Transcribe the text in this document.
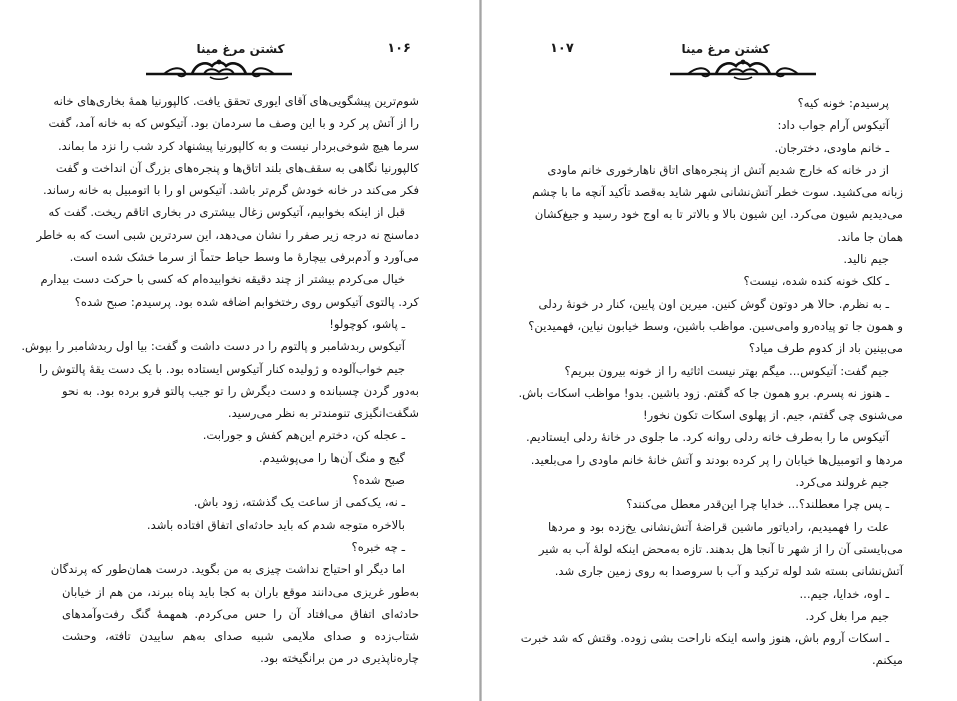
کشتن مرغ مینا	۱۰۶
شوم‌ترین پیشگویی‌های آقای ایوری تحقق یافت. کالپورنیا همهٔ بخاری‌های خانه
را از آتش پر کرد و با این وصف ما سردمان بود. آتیکوس که به خانه آمد، گفت
سرما هیچ شوخی‌بردار نیست و به کالپورنیا پیشنهاد کرد شب را نزد ما بماند.
کالپورنیا نگاهی به سقف‌های بلند اتاق‌ها و پنجره‌های بزرگ آن انداخت و گفت
فکر می‌کند در خانه خودش گرم‌تر باشد. آتیکوس او را با اتومبیل به خانه رساند.
قبل از اینکه بخوابیم، آتیکوس زغال بیشتری در بخاری اتاقم ریخت. گفت که
دماسنج نه درجه زیر صفر را نشان می‌دهد، این سردترین شبی است که به خاطر
می‌آورد و آدم‌برفی بیچارهٔ ما وسط حیاط حتماً از سرما خشک شده است.
خیال می‌کردم بیشتر از چند دقیقه نخوابیده‌ام که کسی با حرکت دست بیدارم
کرد. پالتوی آتیکوس روی رختخوابم اضافه شده بود. پرسیدم: صبح شده؟
ـ پاشو، کوچولو!
آتیکوس ربدشامبر و پالتوم را در دست داشت و گفت: بیا اول ربدشامبر را بپوش.
جیم خواب‌آلوده و ژولیده کنار آتیکوس ایستاده بود. با یک دست یقهٔ پالتوش را
به‌دور گردن چسبانده و دست دیگرش را تو جیب پالتو فرو برده بود. به نحو
شگفت‌انگیزی تنومندتر به نظر می‌رسید.
ـ عجله کن، دخترم این‌هم کفش و جورابت.
گیج و منگ آن‌ها را می‌پوشیدم.
صبح شده؟
ـ نه، یک‌کمی از ساعت یک گذشته، زود باش.
بالاخره متوجه شدم که باید حادثه‌ای اتفاق افتاده باشد.
ـ چه خبره؟
اما دیگر او احتیاج نداشت چیزی به من بگوید. درست همان‌طور که پرندگان
به‌طور غریزی می‌دانند موقع باران به کجا باید پناه ببرند، من هم از خیابان
حادثه‌ای اتفاق می‌افتاد آن را حس می‌کردم. همهمهٔ گنگ رفت‌وآمدهای
شتاب‌زده و صدای ملایمی شبیه صدای به‌هم ساییدن تافته، وحشت
چاره‌ناپذیری در من برانگیخته بود.
کشتن مرغ مینا
۱۰۷
پرسیدم: خونه کیه؟
آتیکوس آرام جواب داد:
ـ خانم ماودی، دخترجان.
از در خانه که خارج شدیم آتش از پنجره‌های اتاق ناهارخوری خانم ماودی
زبانه می‌کشید. سوت خطر آتش‌نشانی شهر شاید به‌قصد تأکید آنچه ما با چشم
می‌دیدیم شیون می‌کرد. این شیون بالا و بالاتر تا به اوج خود رسید و جیغ‌کشان
همان جا ماند.
جیم نالید.
ـ کلک خونه کنده شده، نیست؟
ـ به نظرم. حالا هر دوتون گوش کنین. میرین اون پایین، کنار در خونهٔ ردلی
و همون جا تو پیاده‌رو وامی‌سین. مواظب باشین، وسط خیابون نیاین، فهمیدین؟
می‌بینین باد از کدوم طرف میاد؟
جیم گفت: آتیکوس... میگم بهتر نیست اثاثیه را از خونه بیرون ببریم؟
ـ هنوز نه پسرم. برو همون جا که گفتم. زود باشین. بدو! مواظب اسکات باش.
می‌شنوی چی گفتم، جیم. از پهلوی اسکات تکون نخور!
آتیکوس ما را به‌طرف خانه ردلی روانه کرد. ما جلوی در خانهٔ ردلی ایستادیم.
مردها و اتومبیل‌ها خیابان را پر کرده بودند و آتش خانهٔ خانم ماودی را می‌بلعید.
جیم غرولند می‌کرد.
ـ پس چرا معطلند؟... خدایا چرا این‌قدر معطل می‌کنند؟
علت را فهمیدیم، رادیاتور ماشین قراضهٔ آتش‌نشانی یخ‌زده بود و مردها
می‌بایستی آن را از شهر تا آنجا هل بدهند. تازه به‌محض اینکه لولهٔ آب به شیر
آتش‌نشانی بسته شد لوله ترکید و آب با سروصدا به روی زمین جاری شد.
ـ اوه، خدایا، جیم...
جیم مرا بغل کرد.
ـ اسکات آروم باش، هنوز واسه اینکه ناراحت بشی زوده. وقتش که شد خبرت
میکنم.
